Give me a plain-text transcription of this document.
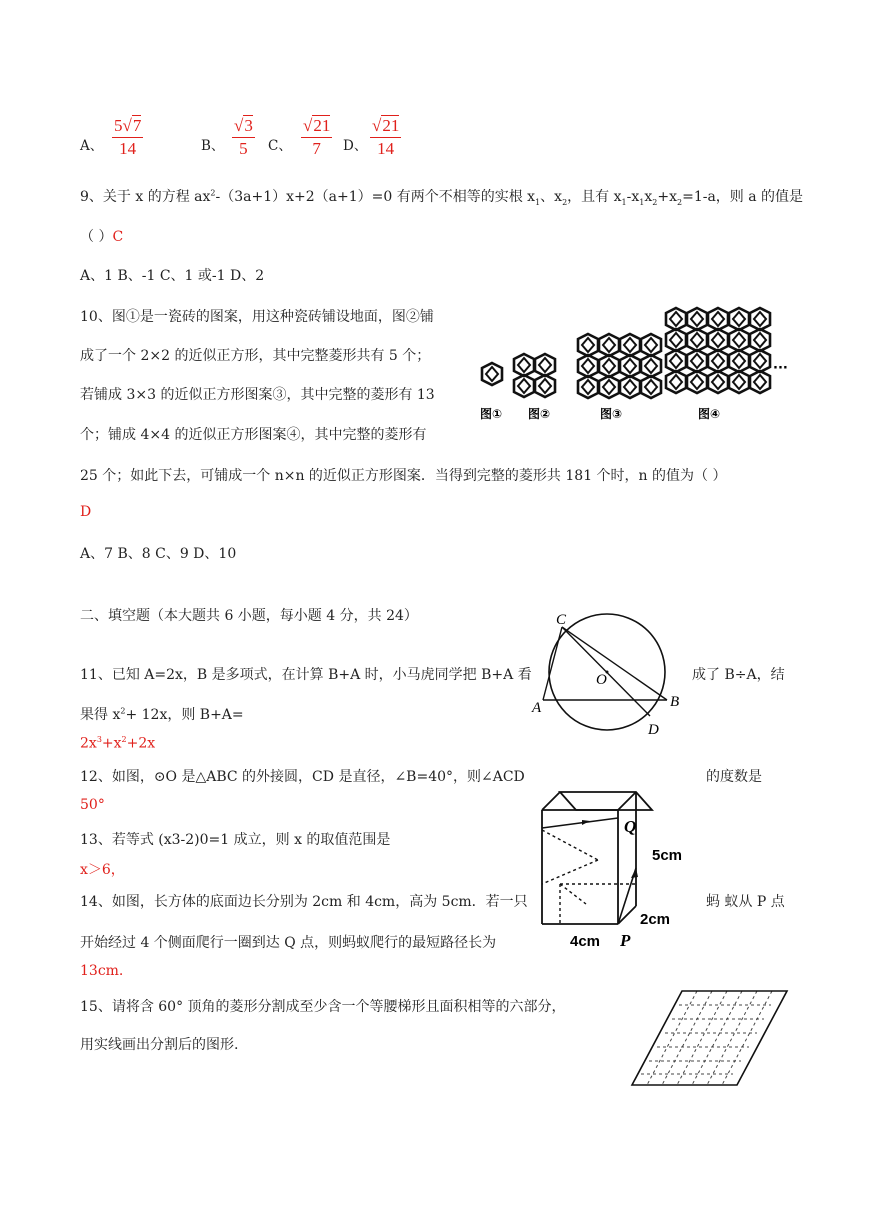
A、 $\frac{5√7}{14}$	B、 $\frac{√3}{5}$ C、 $\frac{√21}{7}$ D、 $\frac{√21}{14}$
9、关于 x 的方程 $ax^2-(3a+1)x+2(a+1)=0$ 有两个不相等的实根 $x_1$、$x_2$，且有 $x_1-x_1x_2+x_2=1-a$，则 a 的值是
（ ）C
A、1 B、-1 C、1 或-1 D、2
10、图①是一瓷砖的图案，用这种瓷砖铺设地面，图②铺
成了一个 2×2 的近似正方形，其中完整菱形共有 5 个；
若铺成 3×3 的近似正方形图案③，其中完整的菱形有 13
个；铺成 4×4 的近似正方形图案④，其中完整的菱形有
25 个；如此下去，可铺成一个 n×n 的近似正方形图案．当得到完整的菱形共 181 个时，n 的值为（ ）
D
A、7 B、8 C、9 D、10
图① 图②	图③	图④
···
二、填空题（本大题共 6 小题，每小题 4 分，共 24）	C
O
B
A
D
11、已知 A=2x，B 是多项式，在计算 B+A 时，小马虎同学把 B+A 看	成了 B÷A，结
果得 $x^2+ 12x$，则 B+A=
$2x^3+x^2+2x$
12、如图，⊙O 是△ABC 的外接圆，CD 是直径，∠B=40°，则∠ACD	的度数是
50°
Q
5cm
2cm
4cm P
13、若等式 (x3-2)0=1 成立，则 x 的取值范围是
x＞6，
14、如图，长方体的底面边长分别为 2cm 和 4cm，高为 5cm．若一只	蚂 蚁从 P 点
开始经过 4 个侧面爬行一圈到达 Q 点，则蚂蚁爬行的最短路径长为
13cm.
15、请将含 60° 顶角的菱形分割成至少含一个等腰梯形且面积相等的六部分，
用实线画出分割后的图形.
